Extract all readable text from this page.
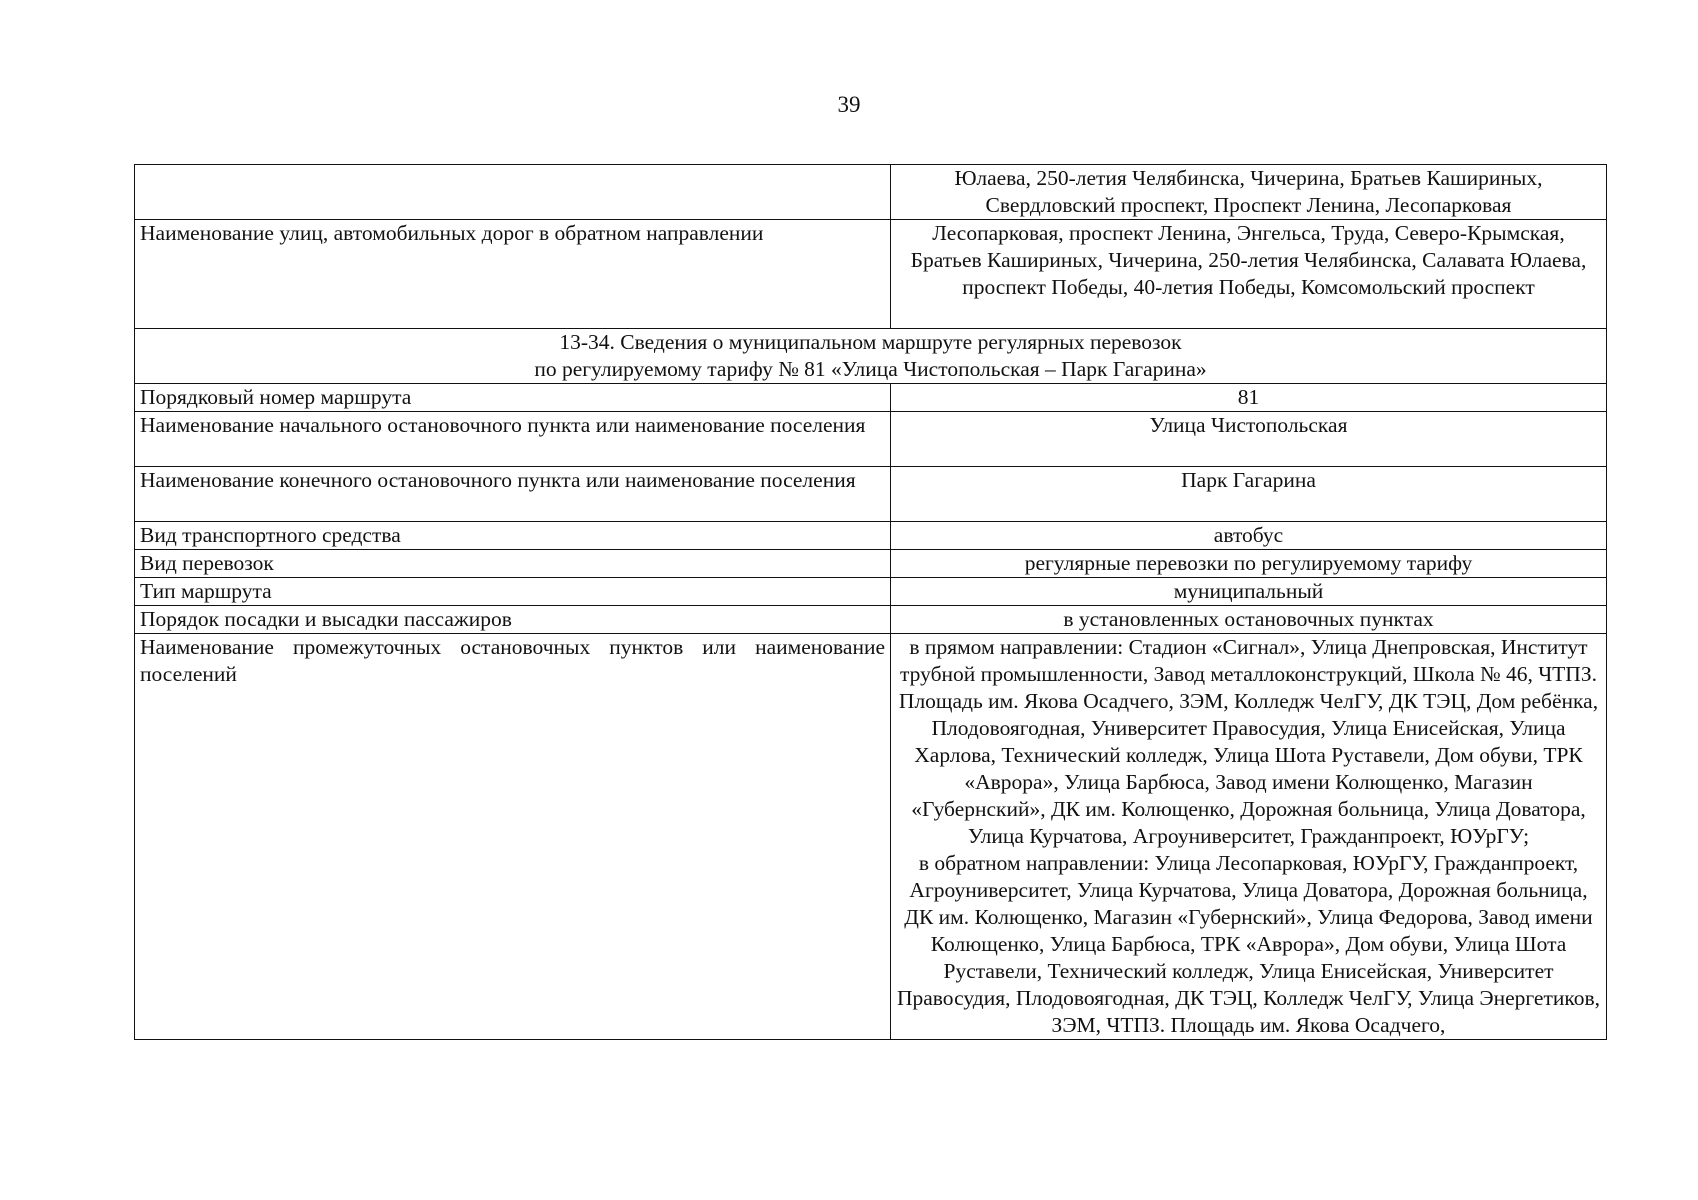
39
	Юлаева, 250-летия Челябинска, Чичерина, Братьев Кашириных, Свердловский проспект, Проспект Ленина, Лесопарковая
Наименование улиц, автомобильных дорог в обратном направлении	Лесопарковая, проспект Ленина, Энгельса, Труда, Северо-Крымская, Братьев Кашириных, Чичерина, 250-летия Челябинска, Салавата Юлаева, проспект Победы, 40-летия Победы, Комсомольский проспект

13-34. Сведения о муниципальном маршруте регулярных перевозок
по регулируемому тарифу № 81 «Улица Чистопольская – Парк Гагарина»	

Порядковый номер маршрута	81
Наименование начального остановочного пункта или наименование поселения	Улица Чистопольская
Наименование конечного остановочного пункта или наименование поселения	Парк Гагарина
Вид транспортного средства	автобус
Вид перевозок	регулярные перевозки по регулируемому тарифу
Тип маршрута	муниципальный
Порядок посадки и высадки пассажиров	в установленных остановочных пунктах
Наименование промежуточных остановочных пунктов или наименование поселений	в прямом направлении: Стадион «Сигнал», Улица Днепровская, Институт трубной промышленности, Завод металлоконструкций, Школа № 46, ЧТПЗ. Площадь им. Якова Осадчего, ЗЭМ, Колледж ЧелГУ, ДК ТЭЦ, Дом ребёнка, Плодовоягодная, Университет Правосудия, Улица Енисейская, Улица Харлова, Технический колледж, Улица Шота Руставели, Дом обуви, ТРК «Аврора», Улица Барбюса, Завод имени Колющенко, Магазин «Губернский», ДК им. Колющенко, Дорожная больница, Улица Доватора, Улица Курчатова, Агроуниверситет, Гражданпроект, ЮУрГУ;
в обратном направлении: Улица Лесопарковая, ЮУрГУ, Гражданпроект, Агроуниверситет, Улица Курчатова, Улица Доватора, Дорожная больница, ДК им. Колющенко, Магазин «Губернский», Улица Федорова, Завод имени Колющенко, Улица Барбюса, ТРК «Аврора», Дом обуви, Улица Шота Руставели, Технический колледж, Улица Енисейская, Университет Правосудия, Плодовоягодная, ДК ТЭЦ, Колледж ЧелГУ, Улица Энергетиков, ЗЭМ, ЧТПЗ. Площадь им. Якова Осадчего,
